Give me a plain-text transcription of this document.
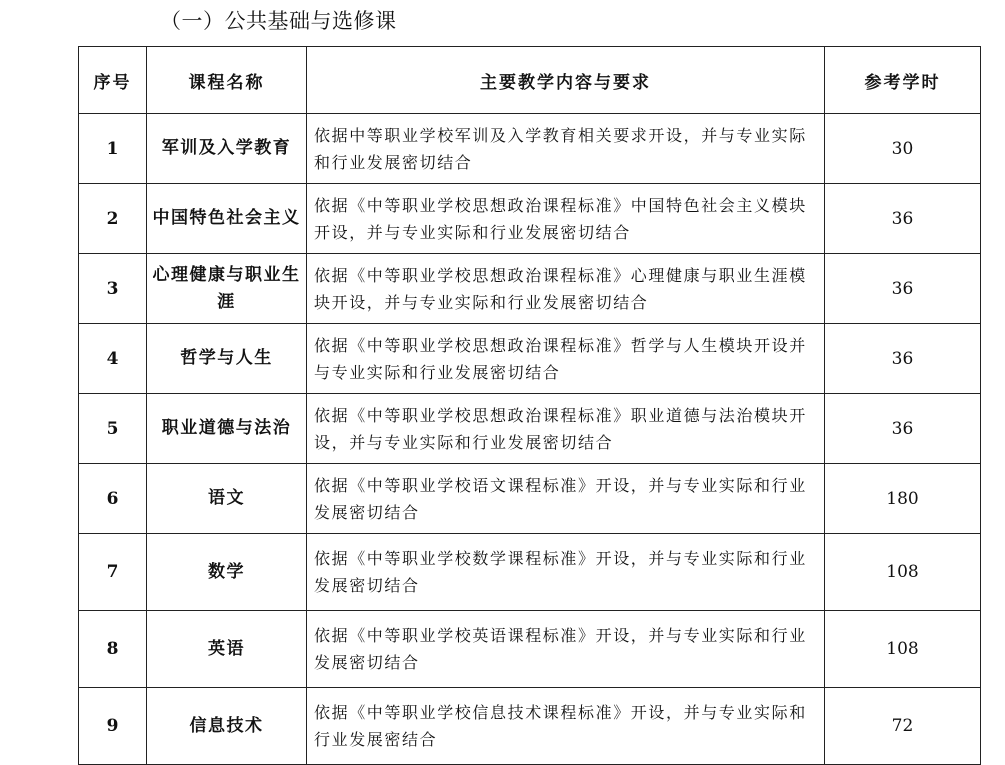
（一）公共基础与选修课
序号	课程名称	主要教学内容与要求	参考学时
1	军训及入学教育	依据中等职业学校军训及入学教育相关要求开设，并与专业实际和行业发展密切结合	30
2	中国特色社会主义	依据《中等职业学校思想政治课程标准》中国特色社会主义模块开设，并与专业实际和行业发展密切结合	36
3	心理健康与职业生涯	依据《中等职业学校思想政治课程标准》心理健康与职业生涯模块开设，并与专业实际和行业发展密切结合	36
4	哲学与人生	依据《中等职业学校思想政治课程标准》哲学与人生模块开设并与专业实际和行业发展密切结合	36
5	职业道德与法治	依据《中等职业学校思想政治课程标准》职业道德与法治模块开设，并与专业实际和行业发展密切结合	36
6	语文	依据《中等职业学校语文课程标准》开设，并与专业实际和行业发展密切结合	180
7	数学	依据《中等职业学校数学课程标准》开设，并与专业实际和行业发展密切结合	108
8	英语	依据《中等职业学校英语课程标准》开设，并与专业实际和行业发展密切结合	108
9	信息技术	依据《中等职业学校信息技术课程标准》开设，并与专业实际和行业发展密结合	72
